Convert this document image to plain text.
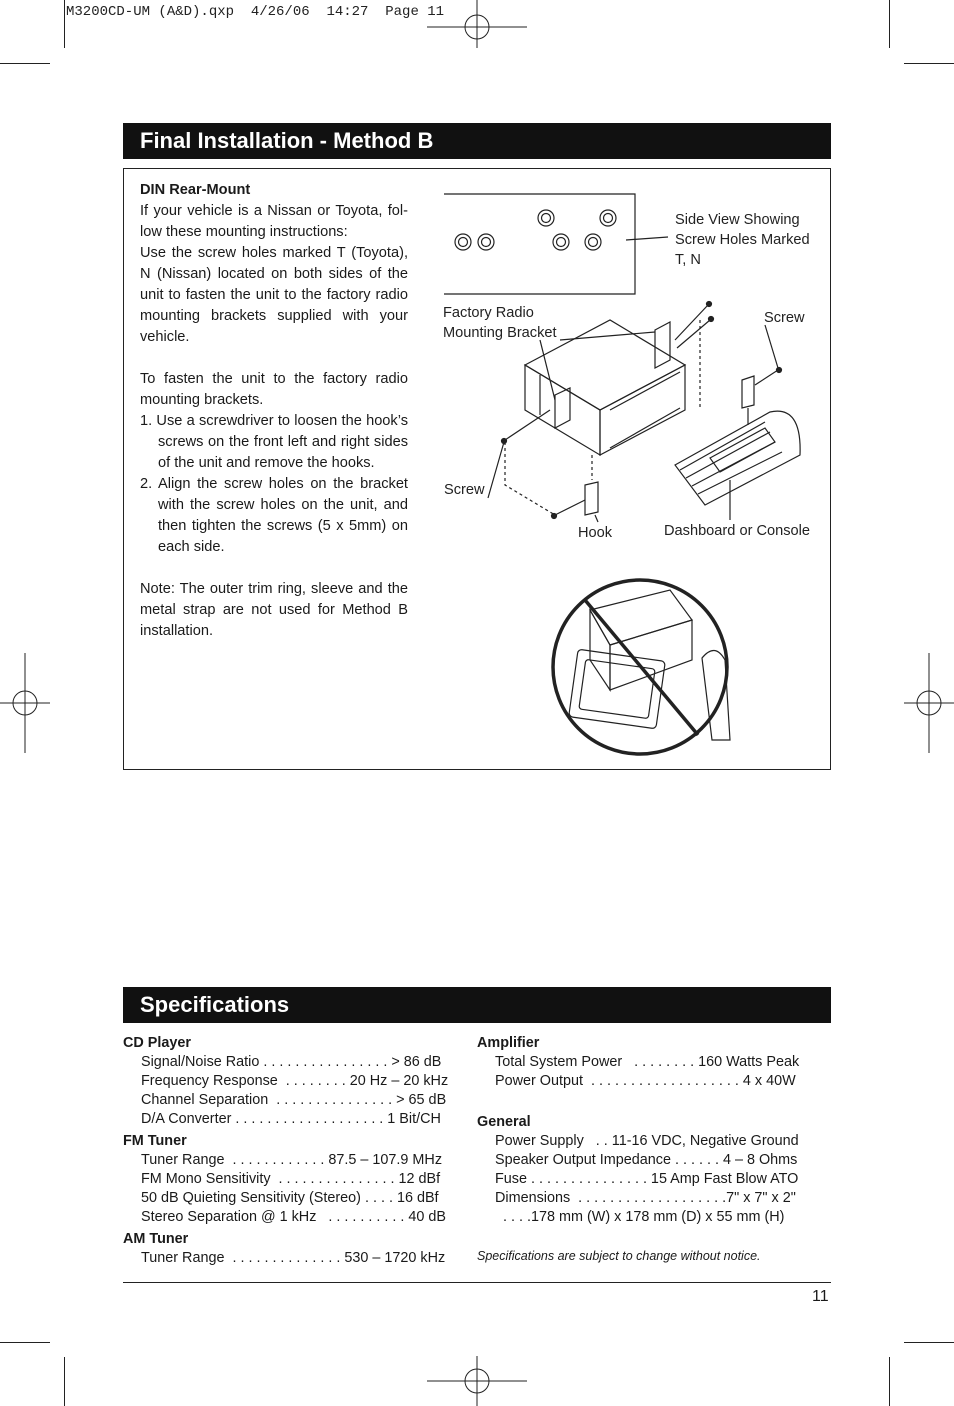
M3200CD-UM (A&D).qxp  4/26/06  14:27  Page 11
Final Installation - Method B

DIN Rear-Mount

If your vehicle is a Nissan or Toyota, fol-low these mounting instructions:

Use the screw holes marked T (Toyota), N (Nissan) located on both sides of the unit to fasten the unit to the factory radio mounting brackets supplied with your vehicle.

To fasten the unit to the factory radio mounting brackets.

1. Use a screwdriver to loosen the hook’s screws on the front left and right sides of the unit and remove the hooks.
2. Align the screw holes on the bracket with the screw holes on the unit, and then tighten the screws (5 x 5mm) on each side.

Note: The outer trim ring, sleeve and the metal strap are not used for Method B installation.

Side View Showing
Screw Holes Marked
T, N
Factory Radio
Mounting Bracket
Screw
Screw
Hook	Dashboard or Console
Specifications
CD Player
Signal/Noise Ratio . . . . . . . . . . . . . . . . > 86 dB
Frequency Response  . . . . . . . . 20 Hz – 20 kHz
Channel Separation  . . . . . . . . . . . . . . . > 65 dB
D/A Converter . . . . . . . . . . . . . . . . . . . 1 Bit/CH
FM Tuner
Tuner Range  . . . . . . . . . . . . 87.5 – 107.9 MHz
FM Mono Sensitivity  . . . . . . . . . . . . . . . 12 dBf
50 dB Quieting Sensitivity (Stereo) . . . . 16 dBf
Stereo Separation @ 1 kHz   . . . . . . . . . . 40 dB
AM Tuner
Tuner Range  . . . . . . . . . . . . . . 530 – 1720 kHz
Amplifier
Total System Power   . . . . . . . . 160 Watts Peak
Power Output  . . . . . . . . . . . . . . . . . . . 4 x 40W
General
Power Supply   . . 11-16 VDC, Negative Ground
Speaker Output Impedance . . . . . . 4 – 8 Ohms
Fuse . . . . . . . . . . . . . . . 15 Amp Fast Blow ATO
Dimensions  . . . . . . . . . . . . . . . . . . .7" x 7" x 2"
. . . .178 mm (W) x 178 mm (D) x 55 mm (H)
Specifications are subject to change without notice.
11
